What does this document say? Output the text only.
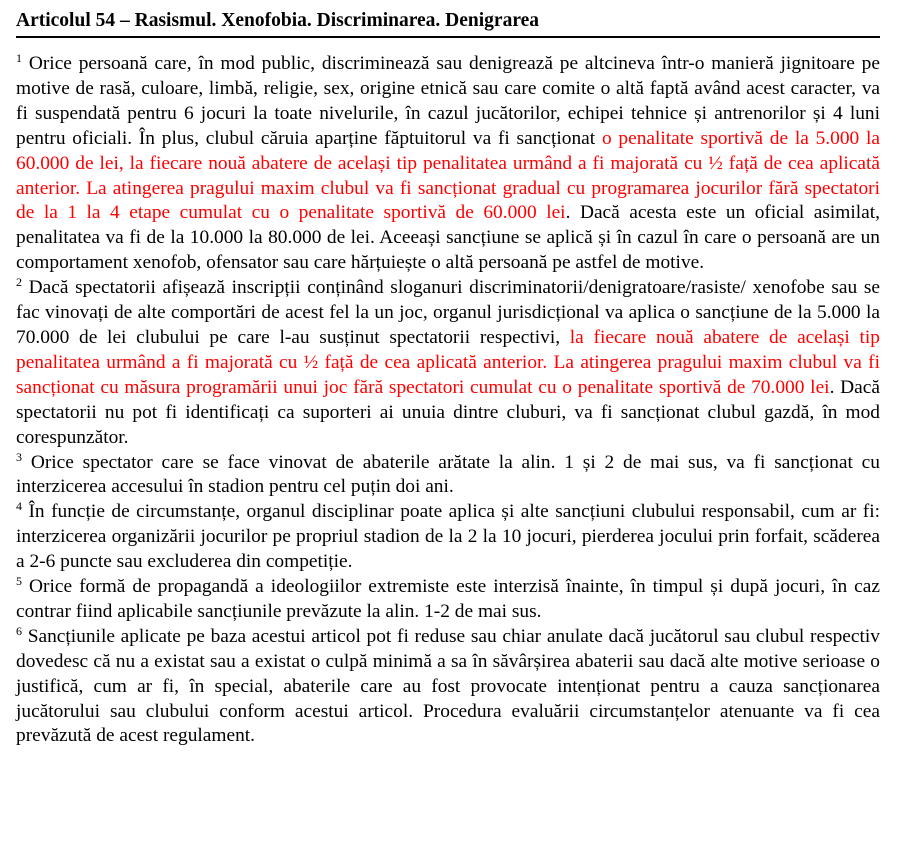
Articolul 54 – Rasismul. Xenofobia. Discriminarea. Denigrarea

$^1$ Orice persoană care, în mod public, discriminează sau denigrează pe altcineva într-o manieră jignitoare pe motive de rasă, culoare, limbă, religie, sex, origine etnică sau care comite o altă faptă având acest caracter, va fi suspendată pentru 6 jocuri la toate nivelurile, în cazul jucătorilor, echipei tehnice și antrenorilor și 4 luni pentru oficiali. În plus, clubul căruia aparține făptuitorul va fi sancționat o penalitate sportivă de la 5.000 la 60.000 de lei, la fiecare nouă abatere de același tip penalitatea urmând a fi majorată cu ½ față de cea aplicată anterior. La atingerea pragului maxim clubul va fi sancționat gradual cu programarea jocurilor fără spectatori de la 1 la 4 etape cumulat cu o penalitate sportivă de 60.000 lei. Dacă acesta este un oficial asimilat, penalitatea va fi de la 10.000 la 80.000 de lei. Aceeași sancțiune se aplică și în cazul în care o persoană are un comportament xenofob, ofensator sau care hărțuiește o altă persoană pe astfel de motive.

$^2$ Dacă spectatorii afișează inscripții conținând sloganuri discriminatorii/denigratoare/rasiste/ xenofobe sau se fac vinovați de alte comportări de acest fel la un joc, organul jurisdicțional va aplica o sancțiune de la 5.000 la 70.000 de lei clubului pe care l-au susținut spectatorii respectivi, la fiecare nouă abatere de același tip penalitatea urmând a fi majorată cu ½ față de cea aplicată anterior. La atingerea pragului maxim clubul va fi sancționat cu măsura programării unui joc fără spectatori cumulat cu o penalitate sportivă de 70.000 lei. Dacă spectatorii nu pot fi identificați ca suporteri ai unuia dintre cluburi, va fi sancționat clubul gazdă, în mod corespunzător.

$^3$ Orice spectator care se face vinovat de abaterile arătate la alin. 1 și 2 de mai sus, va fi sancționat cu interzicerea accesului în stadion pentru cel puțin doi ani.

$^4$ În funcție de circumstanțe, organul disciplinar poate aplica și alte sancțiuni clubului responsabil, cum ar fi: interzicerea organizării jocurilor pe propriul stadion de la 2 la 10 jocuri, pierderea jocului prin forfait, scăderea a 2-6 puncte sau excluderea din competiție.

$^5$ Orice formă de propagandă a ideologiilor extremiste este interzisă înainte, în timpul și după jocuri, în caz contrar fiind aplicabile sancțiunile prevăzute la alin. 1-2 de mai sus.

$^6$ Sancțiunile aplicate pe baza acestui articol pot fi reduse sau chiar anulate dacă jucătorul sau clubul respectiv dovedesc că nu a existat sau a existat o culpă minimă a sa în săvârșirea abaterii sau dacă alte motive serioase o justifică, cum ar fi, în special, abaterile care au fost provocate intenționat pentru a cauza sancționarea jucătorului sau clubului conform acestui articol. Procedura evaluării circumstanțelor atenuante va fi cea prevăzută de acest regulament.
